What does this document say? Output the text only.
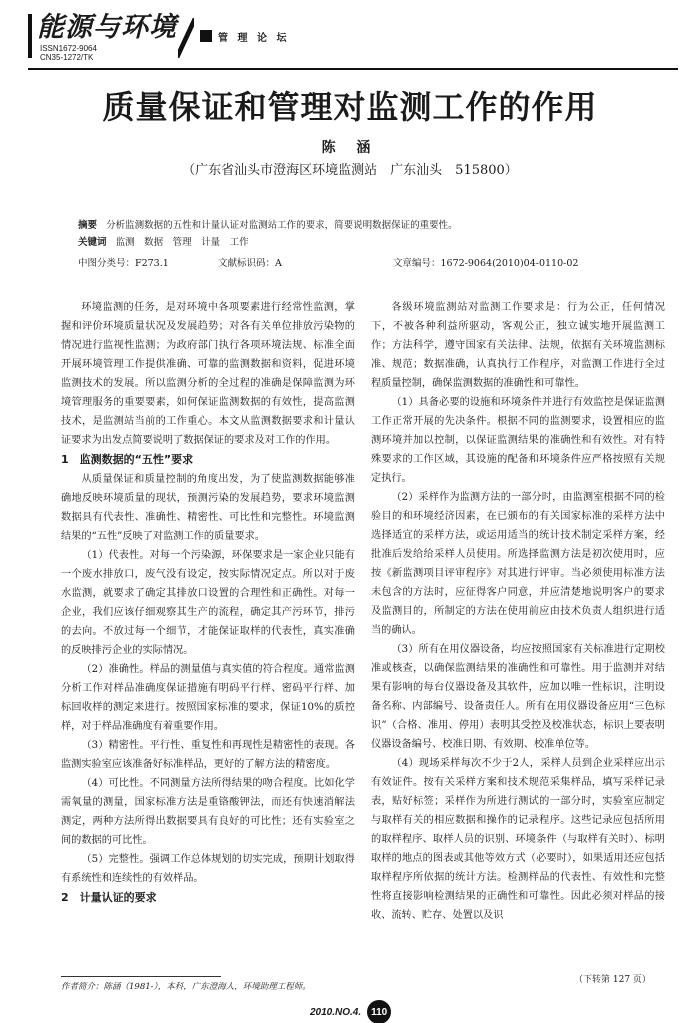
能源与环境
ISSN1672-9064
CN35-1272/TK
管 理 论 坛
质量保证和管理对监测工作的作用
陈 涵
（广东省汕头市澄海区环境监测站　广东汕头　515800）
摘要 分析监测数据的五性和计量认证对监测站工作的要求，简要说明数据保证的重要性。
关键词 监测　数据　管理　计量　工作
中图分类号：F273.1	文献标识码：A	文章编号：1672-9064(2010)04-0110-02

环境监测的任务，是对环境中各项要素进行经常性监测，掌握和评价环境质量状况及发展趋势；对各有关单位排放污染物的情况进行监视性监测；为政府部门执行各项环境法规、标准全面开展环境管理工作提供准确、可靠的监测数据和资料，促进环境监测技术的发展。所以监测分析的全过程的准确是保障监测为环境管理服务的重要要素，如何保证监测数据的有效性，提高监测技术，是监测站当前的工作重心。本文从监测数据要求和计量认证要求为出发点简要说明了数据保证的要求及对工作的作用。

1　监测数据的“五性”要求

从质量保证和质量控制的角度出发，为了使监测数据能够准确地反映环境质量的现状，预测污染的发展趋势，要求环境监测数据具有代表性、准确性、精密性、可比性和完整性。环境监测结果的“五性”反映了对监测工作的质量要求。

（1）代表性。对每一个污染源，环保要求是一家企业只能有一个废水排放口，废气没有设定，按实际情况定点。所以对于废水监测，就要求了确定其排放口设置的合理性和正确性。对每一企业，我们应该仔细观察其生产的流程，确定其产污环节，排污的去向。不放过每一个细节，才能保证取样的代表性，真实准确的反映排污企业的实际情况。

（2）准确性。样品的测量值与真实值的符合程度。通常监测分析工作对样品准确度保证措施有明码平行样、密码平行样、加标回收样的测定来进行。按照国家标准的要求，保证10%的质控样，对于样品准确度有着重要作用。

（3）精密性。平行性、重复性和再现性是精密性的表现。各监测实验室应该准备好标准样品，更好的了解方法的精密度。

（4）可比性。不同测量方法所得结果的吻合程度。比如化学需氧量的测量，国家标准方法是重铬酸钾法，而还有快速消解法测定，两种方法所得出数据要具有良好的可比性；还有实验室之间的数据的可比性。

（5）完整性。强调工作总体规划的切实完成，预期计划取得有系统性和连续性的有效样品。

2　计量认证的要求

各级环境监测站对监测工作要求是：行为公正，任何情况下，不被各种利益所驱动，客观公正，独立诚实地开展监测工作；方法科学，遵守国家有关法律、法规，依据有关环境监测标准、规范；数据准确，认真执行工作程序，对监测工作进行全过程质量控制，确保监测数据的准确性和可靠性。

（1）具备必要的设施和环境条件并进行有效监控是保证监测工作正常开展的先决条件。根据不同的监测要求，设置相应的监测环境并加以控制，以保证监测结果的准确性和有效性。对有特殊要求的工作区域，其设施的配备和环境条件应严格按照有关规定执行。

（2）采样作为监测方法的一部分时，由监测室根据不同的检验目的和环境经济因素，在已颁布的有关国家标准的采样方法中选择适宜的采样方法，或运用适当的统计技术制定采样方案，经批准后发给给采样人员使用。所选择监测方法是初次使用时，应按《新监测项目评审程序》对其进行评审。当必须使用标准方法未包含的方法时，应征得客户同意，并应清楚地说明客户的要求及监测目的，所制定的方法在使用前应由技术负责人组织进行适当的确认。

（3）所有在用仪器设备，均应按照国家有关标准进行定期校准或核查，以确保监测结果的准确性和可靠性。用于监测并对结果有影响的每台仪器设备及其软件，应加以唯一性标识，注明设备名称、内部编号、设备责任人。所有在用仪器设备应用“三色标识”（合格、准用、停用）表明其受控及校准状态，标识上要表明仪器设备编号、校准日期、有效期、校准单位等。

（4）现场采样每次不少于2人，采样人员到企业采样应出示有效证件。按有关采样方案和技术规范采集样品，填写采样记录表，贴好标签；采样作为所进行测试的一部分时，实验室应制定与取样有关的相应数据和操作的记录程序。这些记录应包括所用的取样程序、取样人员的识别、环境条件（与取样有关时）、标明取样的地点的图表或其他等效方式（必要时），如果适用还应包括取样程序所依据的统计方法。检测样品的代表性、有效性和完整性将直接影响检测结果的正确性和可靠性。因此必须对样品的接收、流转、贮存、处置以及识

作者简介：陈涵（1981-），本科，广东澄海人，环境助理工程师。
（下转第 127 页）
2010.NO.4. 110
